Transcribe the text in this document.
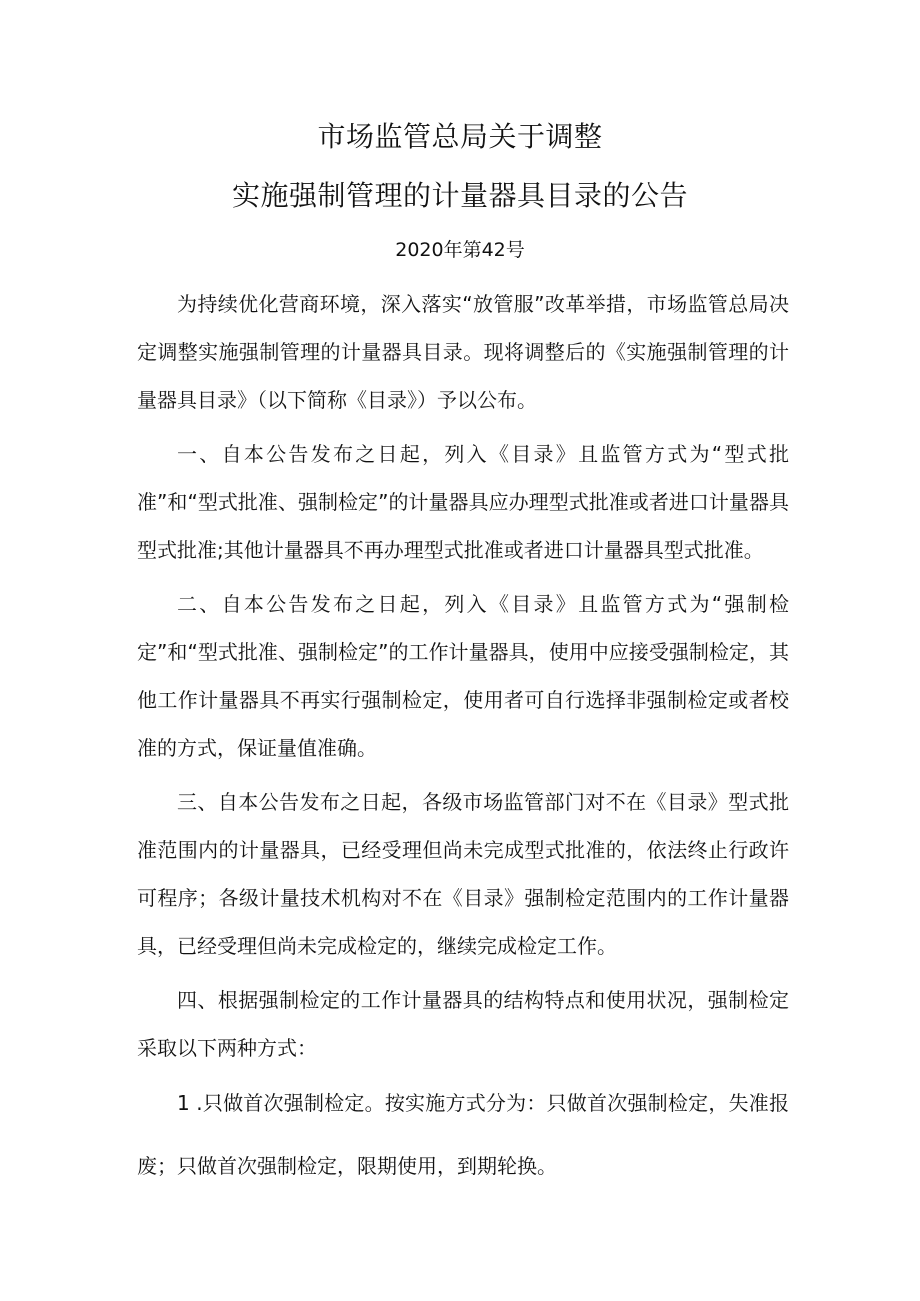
市场监管总局关于调整
实施强制管理的计量器具目录的公告
2020年第42号

为持续优化营商环境，深入落实“放管服”改革举措，市场监管总局决定调整实施强制管理的计量器具目录。现将调整后的《实施强制管理的计量器具目录》（以下简称《目录》）予以公布。

一、自本公告发布之日起，列入《目录》且监管方式为“型式批准”和“型式批准、强制检定”的计量器具应办理型式批准或者进口计量器具型式批准;其他计量器具不再办理型式批准或者进口计量器具型式批准。

二、自本公告发布之日起，列入《目录》且监管方式为“强制检定”和“型式批准、强制检定”的工作计量器具，使用中应接受强制检定，其他工作计量器具不再实行强制检定，使用者可自行选择非强制检定或者校准的方式，保证量值准确。

三、自本公告发布之日起，各级市场监管部门对不在《目录》型式批准范围内的计量器具，已经受理但尚未完成型式批准的，依法终止行政许可程序；各级计量技术机构对不在《目录》强制检定范围内的工作计量器具，已经受理但尚未完成检定的，继续完成检定工作。

四、根据强制检定的工作计量器具的结构特点和使用状况，强制检定采取以下两种方式：

1 .只做首次强制检定。按实施方式分为：只做首次强制检定，失准报废；只做首次强制检定，限期使用，到期轮换。
